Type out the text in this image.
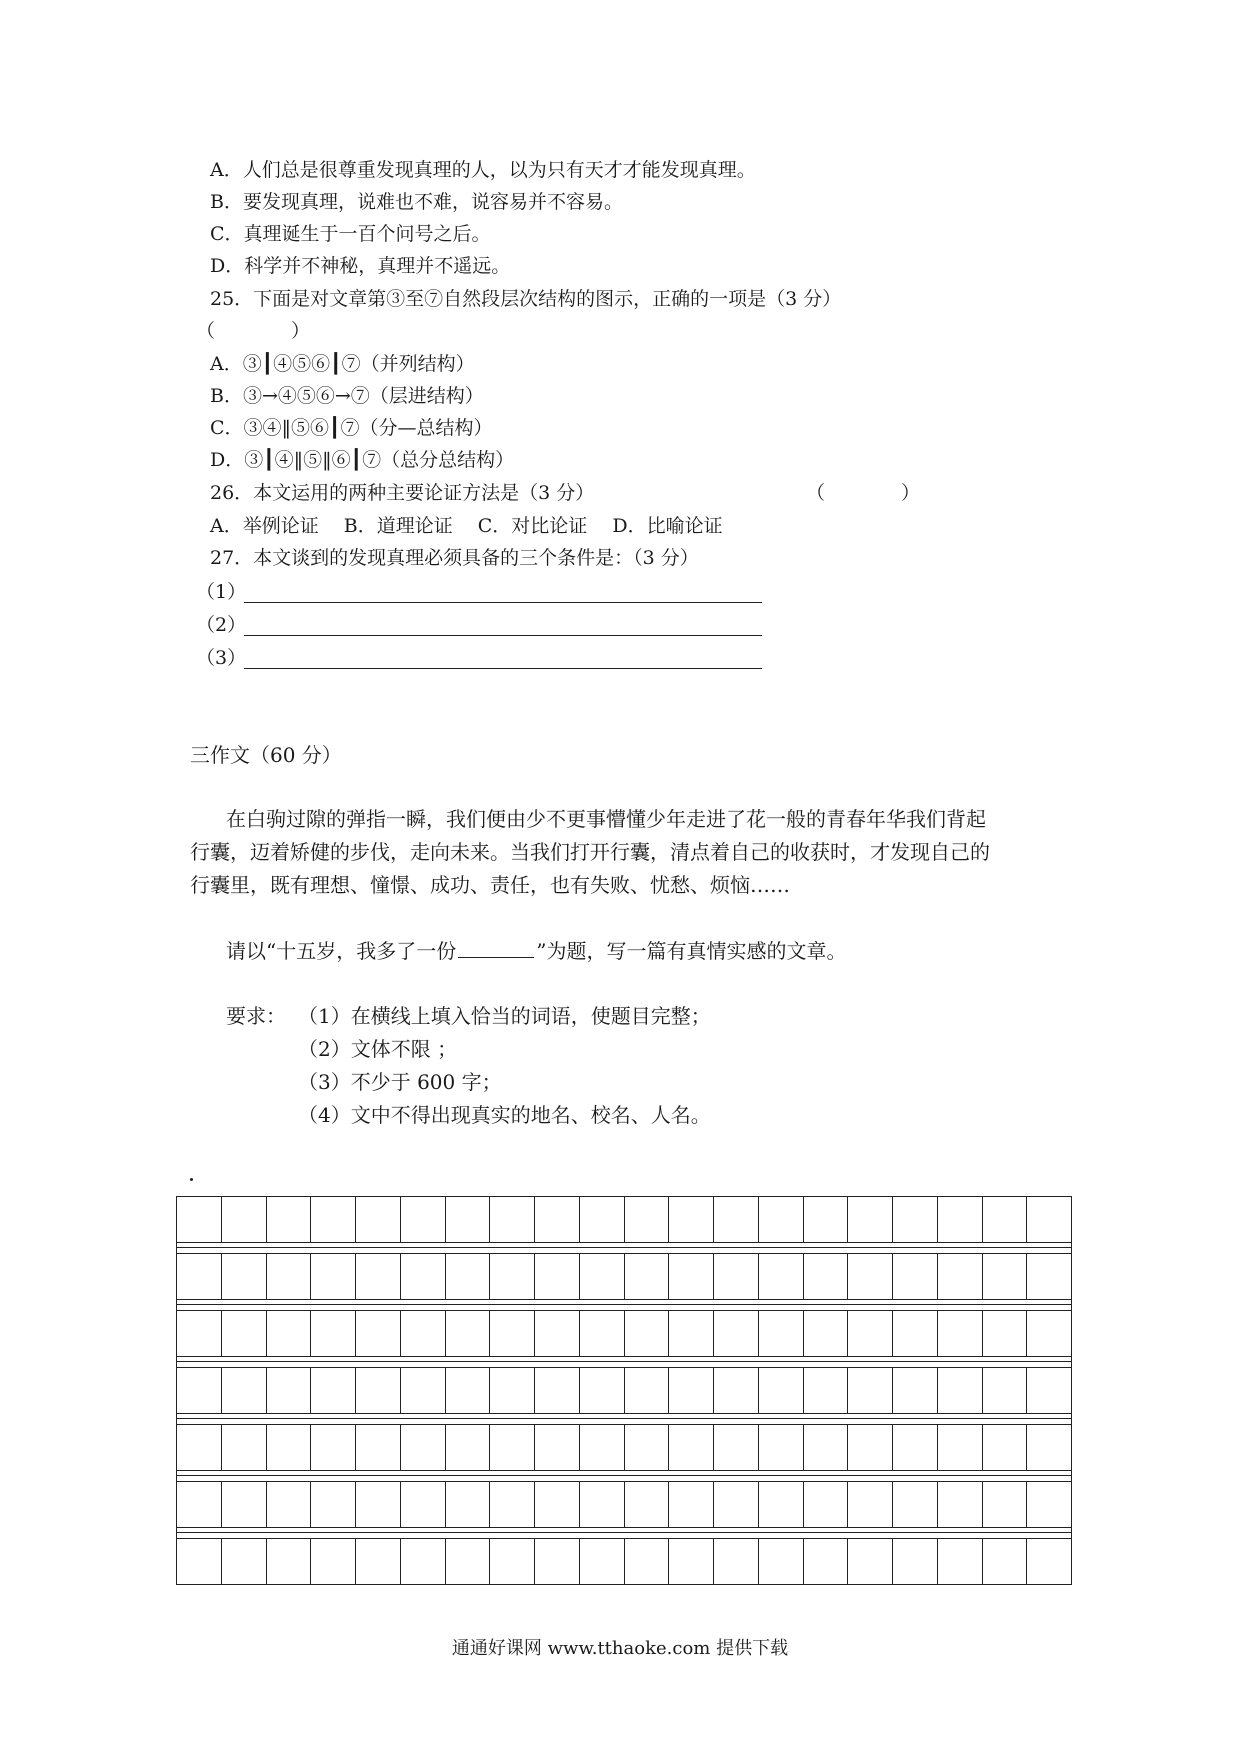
A．人们总是很尊重发现真理的人，以为只有天才才能发现真理。
B．要发现真理，说难也不难，说容易并不容易。
C．真理诞生于一百个问号之后。
D．科学并不神秘，真理并不遥远。
25．下面是对文章第③至⑦自然段层次结构的图示，正确的一项是（3 分）
（　　　　）
A．③┃④⑤⑥┃⑦（并列结构）
B．③→④⑤⑥→⑦（层进结构）
C．③④‖⑤⑥┃⑦（分—总结构）
D．③┃④‖⑤‖⑥┃⑦（总分总结构）
26．本文运用的两种主要论证方法是（3 分）	（　　　　）
A．举例论证　 B．道理论证　 C．对比论证　 D．比喻论证
27．本文谈到的发现真理必须具备的三个条件是：（3 分）
（1）
（2）
（3）
三作文（60 分）
在白驹过隙的弹指一瞬，我们便由少不更事懵懂少年走进了花一般的青春年华我们背起
行囊，迈着矫健的步伐，走向未来。当我们打开行囊，清点着自己的收获时，才发现自己的
行囊里，既有理想、憧憬、成功、责任，也有失败、忧愁、烦恼……
请以“十五岁，我多了一份	”为题，写一篇有真情实感的文章。
要求： （1）在横线上填入恰当的词语，使题目完整；
（2）文体不限 ；
（3）不少于 600 字；
（4）文中不得出现真实的地名、校名、人名。
通通好课网 www.tthaoke.com 提供下载
